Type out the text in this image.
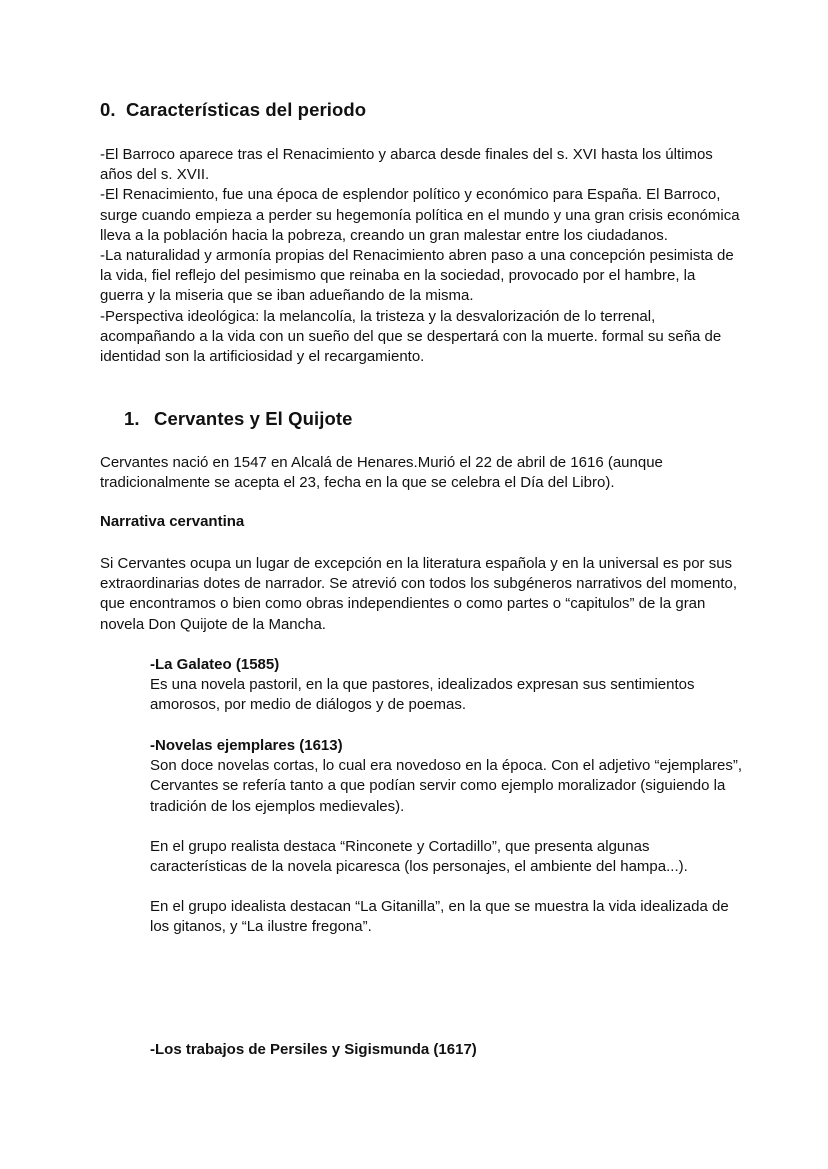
0. Características del periodo

-El Barroco aparece tras el Renacimiento y abarca desde finales del s. XVI hasta los últimos años del s. XVII.

-El Renacimiento, fue una época de esplendor político y económico para España. El Barroco, surge cuando empieza a perder su hegemonía política en el mundo y una gran crisis económica lleva a la población hacia la pobreza, creando un gran malestar entre los ciudadanos.

-La naturalidad y armonía propias del Renacimiento abren paso a una concepción pesimista de la vida, fiel reflejo del pesimismo que reinaba en la sociedad, provocado por el hambre, la guerra y la miseria que se iban adueñando de la misma.

-Perspectiva ideológica: la melancolía, la tristeza y la desvalorización de lo terrenal, acompañando a la vida con un sueño del que se despertará con la muerte. formal su seña de identidad son la artificiosidad y el recargamiento.

1. Cervantes y El Quijote

Cervantes nació en 1547 en Alcalá de Henares.Murió el 22 de abril de 1616 (aunque tradicionalmente se acepta el 23, fecha en la que se celebra el Día del Libro).

Narrativa cervantina

Si Cervantes ocupa un lugar de excepción en la literatura española y en la universal es por sus extraordinarias dotes de narrador. Se atrevió con todos los subgéneros narrativos del momento, que encontramos o bien como obras independientes o como partes o “capitulos” de la gran novela Don Quijote de la Mancha.

-La Galateo (1585)

Es una novela pastoril, en la que pastores, idealizados expresan sus sentimientos amorosos, por medio de diálogos y de poemas.

-Novelas ejemplares (1613)

Son doce novelas cortas, lo cual era novedoso en la época. Con el adjetivo “ejemplares”, Cervantes se refería tanto a que podían servir como ejemplo moralizador (siguiendo la tradición de los ejemplos medievales).

En el grupo realista destaca “Rinconete y Cortadillo”, que presenta algunas características de la novela picaresca (los personajes, el ambiente del hampa...).

En el grupo idealista destacan “La Gitanilla”, en la que se muestra la vida idealizada de los gitanos, y “La ilustre fregona”.

-Los trabajos de Persiles y Sigismunda (1617)
